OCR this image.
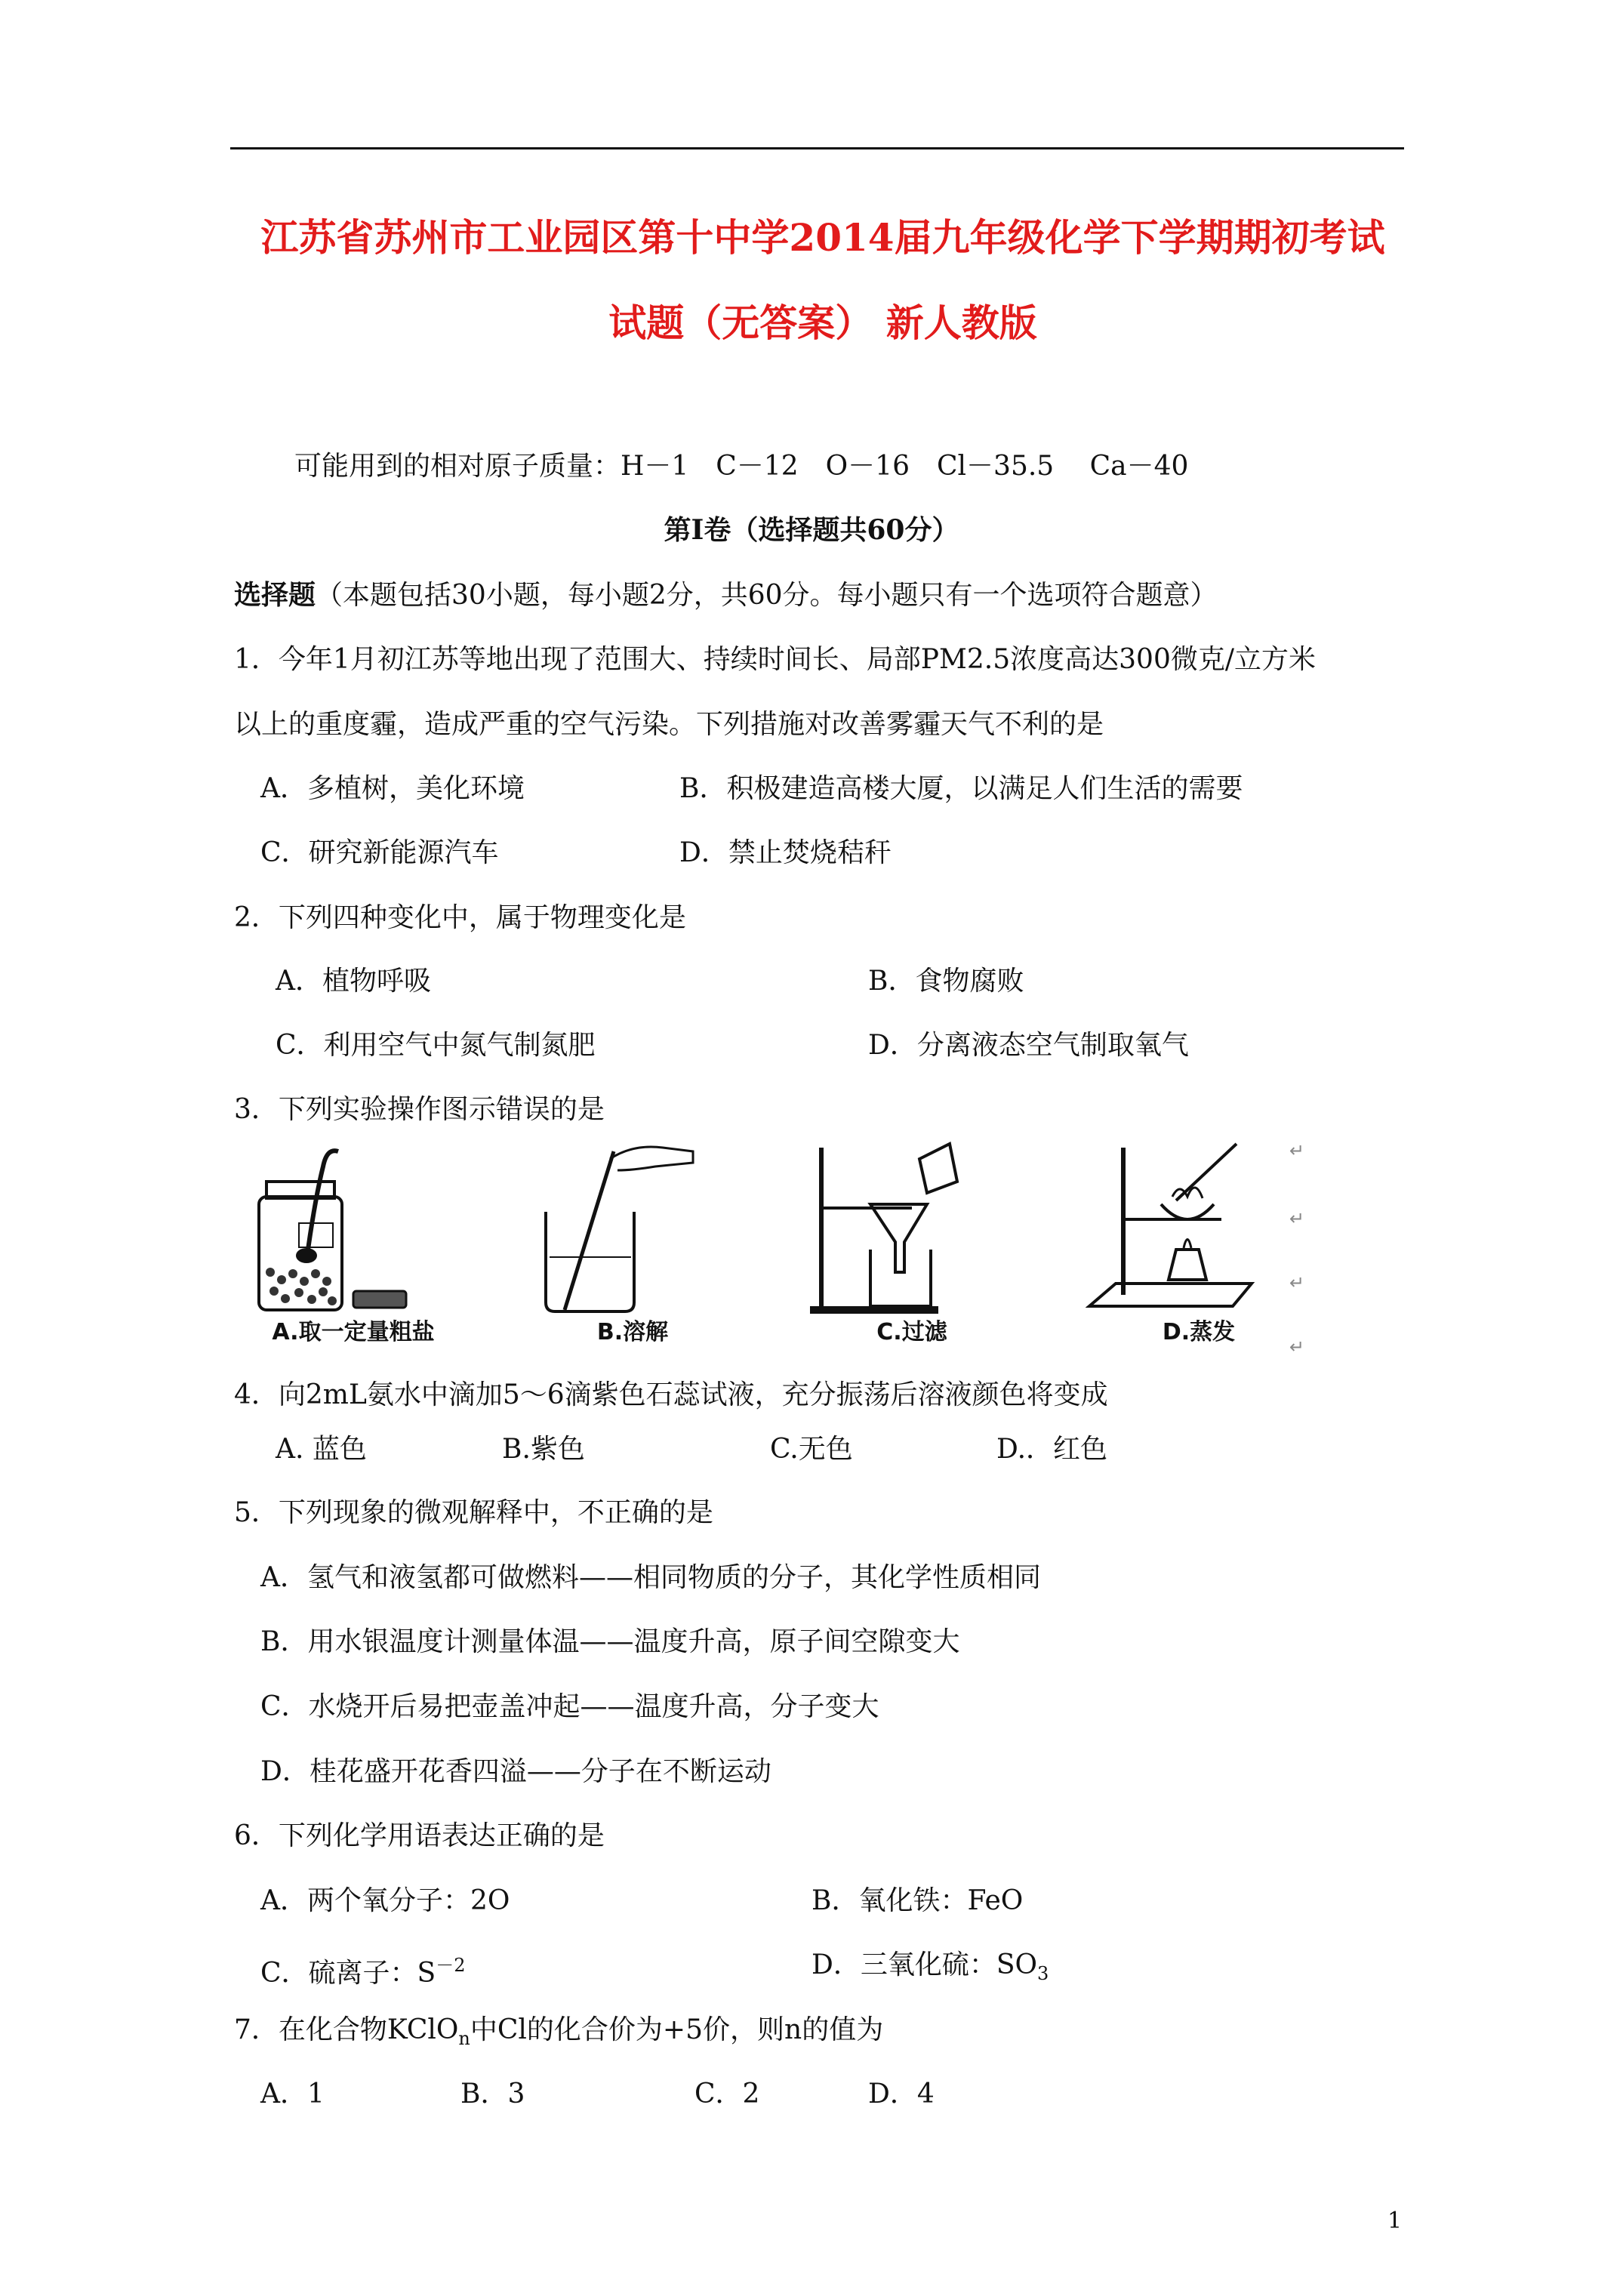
江苏省苏州市工业园区第十中学2014届九年级化学下学期期初考试
试题（无答案） 新人教版
可能用到的相对原子质量：H－1　C－12　O－16　Cl－35.5　 Ca－40
第Ⅰ卷（选择题共60分）
选择题（本题包括30小题，每小题2分，共60分。每小题只有一个选项符合题意）
1．今年1月初江苏等地出现了范围大、持续时间长、局部PM2.5浓度高达300微克/立方米
以上的重度霾，造成严重的空气污染。下列措施对改善雾霾天气不利的是
A．多植树，美化环境	B．积极建造高楼大厦，以满足人们生活的需要
C．研究新能源汽车	D．禁止焚烧秸秆
2．下列四种变化中，属于物理变化是
A．植物呼吸	B．食物腐败
C．利用空气中氮气制氮肥	D．分离液态空气制取氧气
3．下列实验操作图示错误的是
A.取一定量粗盐	B.溶解	C.过滤	D.蒸发
↵
↵
↵
↵
4．向2mL氨水中滴加5～6滴紫色石蕊试液，充分振荡后溶液颜色将变成
A. 蓝色	B.紫色	C.无色	D.．红色
5．下列现象的微观解释中，不正确的是
A．氢气和液氢都可做燃料——相同物质的分子，其化学性质相同
B．用水银温度计测量体温——温度升高，原子间空隙变大
C．水烧开后易把壶盖冲起——温度升高，分子变大
D．桂花盛开花香四溢——分子在不断运动
6．下列化学用语表达正确的是
A．两个氧分子：2O	B．氧化铁：FeO
C．硫离子：$S^{-2}$	D．三氧化硫：$SO_3$
7．在化合物KClO$_n$中Cl的化合价为+5价，则n的值为
A．1	B．3	C．2	D．4
1
